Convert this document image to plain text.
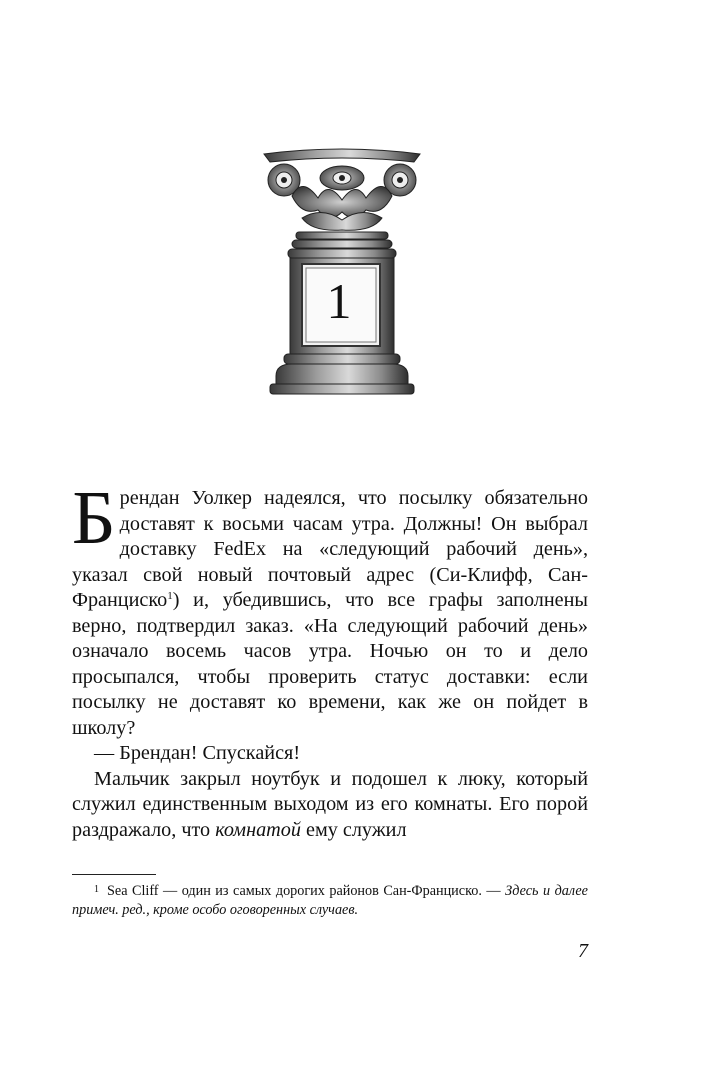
1

Брендан Уолкер надеялся, что посылку обязательно доставят к восьми часам утра. Должны! Он выбрал доставку FedEx на «следующий рабочий день», указал свой новый почтовый адрес (Си-Клифф, Сан-Франциско$^1$) и, убедившись, что все графы заполнены верно, подтвердил заказ. «На следующий рабочий день» означало восемь часов утра. Ночью он то и дело просыпался, чтобы проверить статус доставки: если посылку не доставят ко времени, как же он пойдет в школу?

— Брендан! Спускайся!

Мальчик закрыл ноутбук и подошел к люку, который служил единственным выходом из его комнаты. Его порой раздражало, что комнатой ему служил

$^1$ Sea Cliff — один из самых дорогих районов Сан-Франциско. — Здесь и далее примеч. ред., кроме особо оговоренных случаев.

7
